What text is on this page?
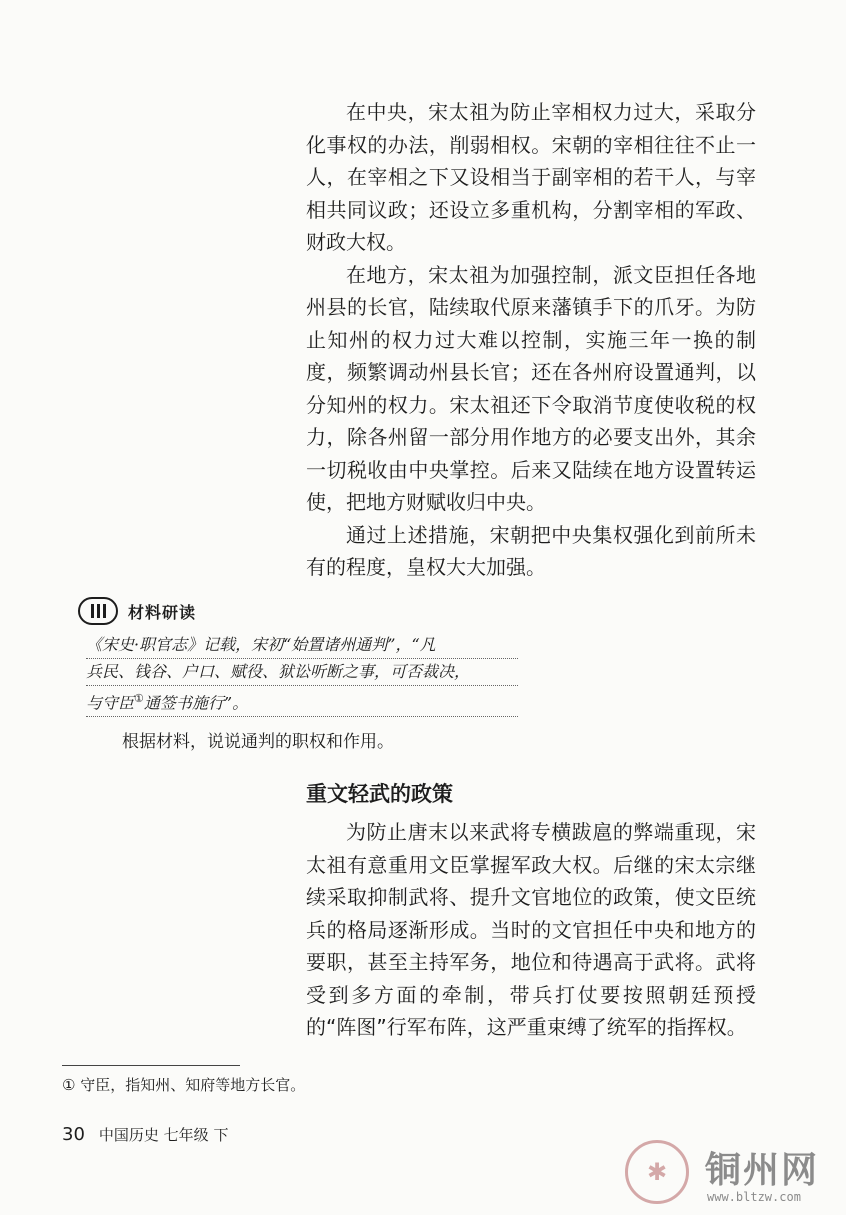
在中央，宋太祖为防止宰相权力过大，采取分化事权的办法，削弱相权。宋朝的宰相往往不止一人，在宰相之下又设相当于副宰相的若干人，与宰相共同议政；还设立多重机构，分割宰相的军政、财政大权。

在地方，宋太祖为加强控制，派文臣担任各地州县的长官，陆续取代原来藩镇手下的爪牙。为防止知州的权力过大难以控制，实施三年一换的制度，频繁调动州县长官；还在各州府设置通判，以分知州的权力。宋太祖还下令取消节度使收税的权力，除各州留一部分用作地方的必要支出外，其余一切税收由中央掌控。后来又陆续在地方设置转运使，把地方财赋收归中央。

通过上述措施，宋朝把中央集权强化到前所未有的程度，皇权大大加强。

材料研读
《宋史·职官志》记载，宋初“始置诸州通判”，“凡
兵民、钱谷、户口、赋役、狱讼听断之事，可否裁决，
与守臣①通签书施行”。
根据材料，说说通判的职权和作用。
重文轻武的政策

为防止唐末以来武将专横跋扈的弊端重现，宋太祖有意重用文臣掌握军政大权。后继的宋太宗继续采取抑制武将、提升文官地位的政策，使文臣统兵的格局逐渐形成。当时的文官担任中央和地方的要职，甚至主持军务，地位和待遇高于武将。武将受到多方面的牵制，带兵打仗要按照朝廷预授的“阵图”行军布阵，这严重束缚了统军的指挥权。

① 守臣，指知州、知府等地方长官。
30 中国历史 七年级 下
✱	铜州网
www.bltzw.com
